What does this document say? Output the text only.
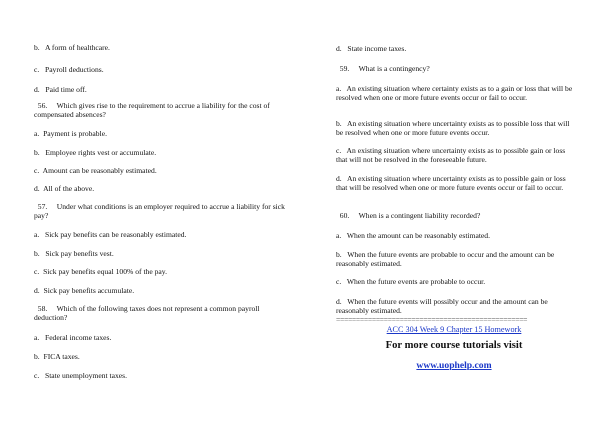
b.   A form of healthcare.
c.   Payroll deductions.
d.   Paid time off.
56.     Which gives rise to the requirement to accrue a liability for the cost of compensated absences?
a.  Payment is probable.
b.   Employee rights vest or accumulate.
c.  Amount can be reasonably estimated.
d.  All of the above.
57.     Under what conditions is an employer required to accrue a liability for sick pay?
a.   Sick pay benefits can be reasonably estimated.
b.   Sick pay benefits vest.
c.  Sick pay benefits equal 100% of the pay.
d.  Sick pay benefits accumulate.
58.     Which of the following taxes does not represent a common payroll deduction?
a.   Federal income taxes.
b.  FICA taxes.
c.   State unemployment taxes.
d.   State income taxes.
59.     What is a contingency?
a.   An existing situation where certainty exists as to a gain or loss that will be resolved when one or more future events occur or fail to occur.
b.   An existing situation where uncertainty exists as to possible loss that will be resolved when one or more future events occur.
c.   An existing situation where uncertainty exists as to possible gain or loss that will not be resolved in the foreseeable future.
d.   An existing situation where uncertainty exists as to possible gain or loss that will be resolved when one or more future events occur or fail to occur.
60.     When is a contingent liability recorded?
a.   When the amount can be reasonably estimated.
b.   When the future events are probable to occur and the amount can be reasonably estimated.
c.   When the future events are probable to occur.
d.   When the future events will possibly occur and the amount can be reasonably estimated.
================================================
ACC 304 Week 9 Chapter 15 Homework
For more course tutorials visit
www.uophelp.com
